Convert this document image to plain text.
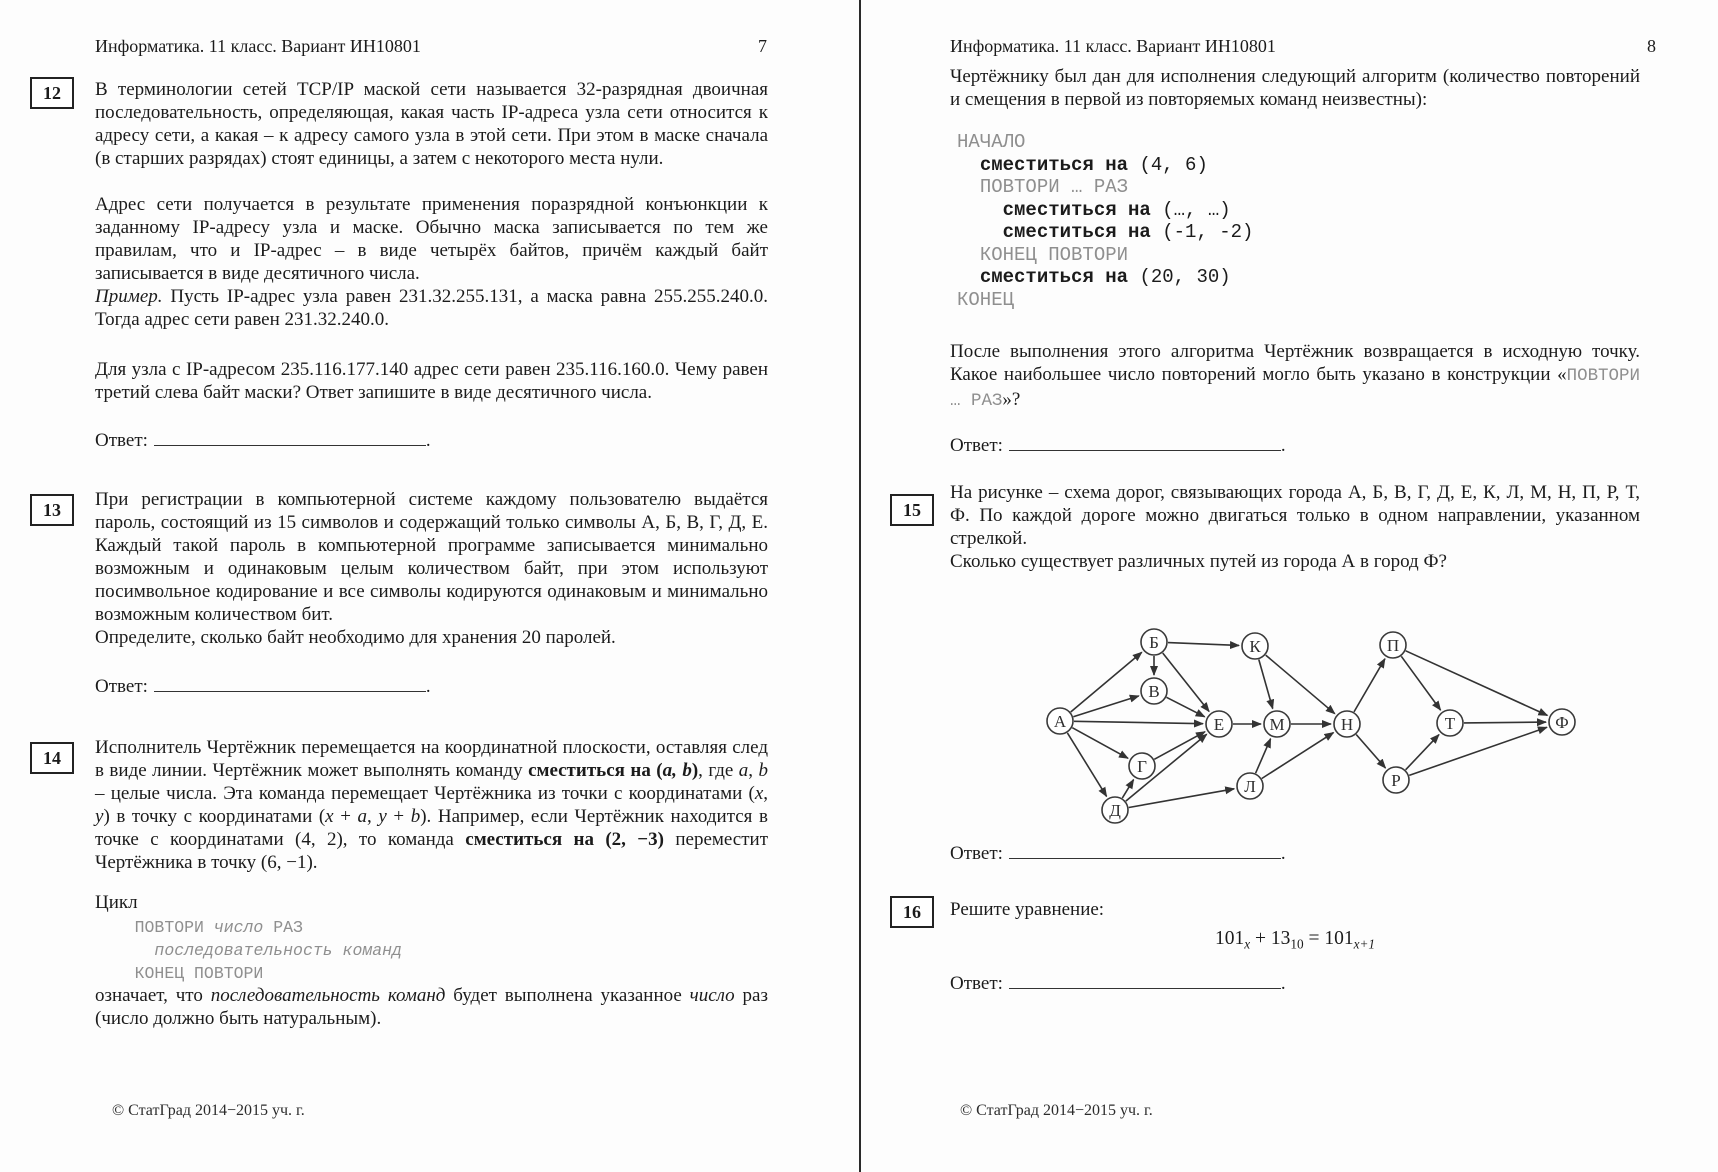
Информатика. 11 класс. Вариант ИН10801	7
12 В терминологии сетей TCP/IP маской сети называется 32-разрядная двоичная последовательность, определяющая, какая часть IP-адреса узла сети относится к адресу сети, а какая – к адресу самого узла в этой сети. При этом в маске сначала (в старших разрядах) стоят единицы, а затем с некоторого места нули.
Адрес сети получается в результате применения поразрядной конъюнкции к заданному IP-адресу узла и маске. Обычно маска записывается по тем же правилам, что и IP-адрес – в виде четырёх байтов, причём каждый байт записывается в виде десятичного числа.
Пример. Пусть IP-адрес узла равен 231.32.255.131, а маска равна 255.255.240.0. Тогда адрес сети равен 231.32.240.0.
Для узла с IP-адресом 235.116.177.140 адрес сети равен 235.116.160.0. Чему равен третий слева байт маски? Ответ запишите в виде десятичного числа.
Ответ:	.
13 При регистрации в компьютерной системе каждому пользователю выдаётся пароль, состоящий из 15 символов и содержащий только символы А, Б, В, Г, Д, Е. Каждый такой пароль в компьютерной программе записывается минимально возможным и одинаковым целым количеством байт, при этом используют посимвольное кодирование и все символы кодируются одинаковым и минимально возможным количеством бит.
Определите, сколько байт необходимо для хранения 20 паролей.
Ответ:	.
14 Исполнитель Чертёжник перемещается на координатной плоскости, оставляя след в виде линии. Чертёжник может выполнять команду сместиться на (a, b), где a, b – целые числа. Эта команда перемещает Чертёжника из точки с координатами (x, y) в точку с координатами (x + a, y + b). Например, если Чертёжник находится в точке с координатами (4, 2), то команда сместиться на (2, −3) переместит Чертёжника в точку (6, −1).
Цикл
ПОВТОРИ число РАЗ
последовательность команд
КОНЕЦ ПОВТОРИ
означает, что последовательность команд будет выполнена указанное число раз (число должно быть натуральным).
© СтатГрад 2014−2015 уч. г.
Информатика. 11 класс. Вариант ИН10801	8
Чертёжнику был дан для исполнения следующий алгоритм (количество повторений и смещения в первой из повторяемых команд неизвестны):
НАЧАЛО
сместиться на (4, 6)
ПОВТОРИ … РАЗ
сместиться на (…, …)
сместиться на (-1, -2)
КОНЕЦ ПОВТОРИ
сместиться на (20, 30)
КОНЕЦ
После выполнения этого алгоритма Чертёжник возвращается в исходную точку. Какое наибольшее число повторений могло быть указано в конструкции «ПОВТОРИ … РАЗ»?
Ответ:	.
15
На рисунке – схема дорог, связывающих города А, Б, В, Г, Д, Е, К, Л, М, Н, П, Р, Т, Ф. По каждой дороге можно двигаться только в одном направлении, указанном стрелкой.
Сколько существует различных путей из города А в город Ф?
А
Б
В
Г
Д
Е
К
Л
М	Н
П
Р
Т	Ф
Ответ:	.
16 Решите уравнение:
$101_x + 13_{10} = 101_{x+1}$
Ответ:	.
© СтатГрад 2014−2015 уч. г.
